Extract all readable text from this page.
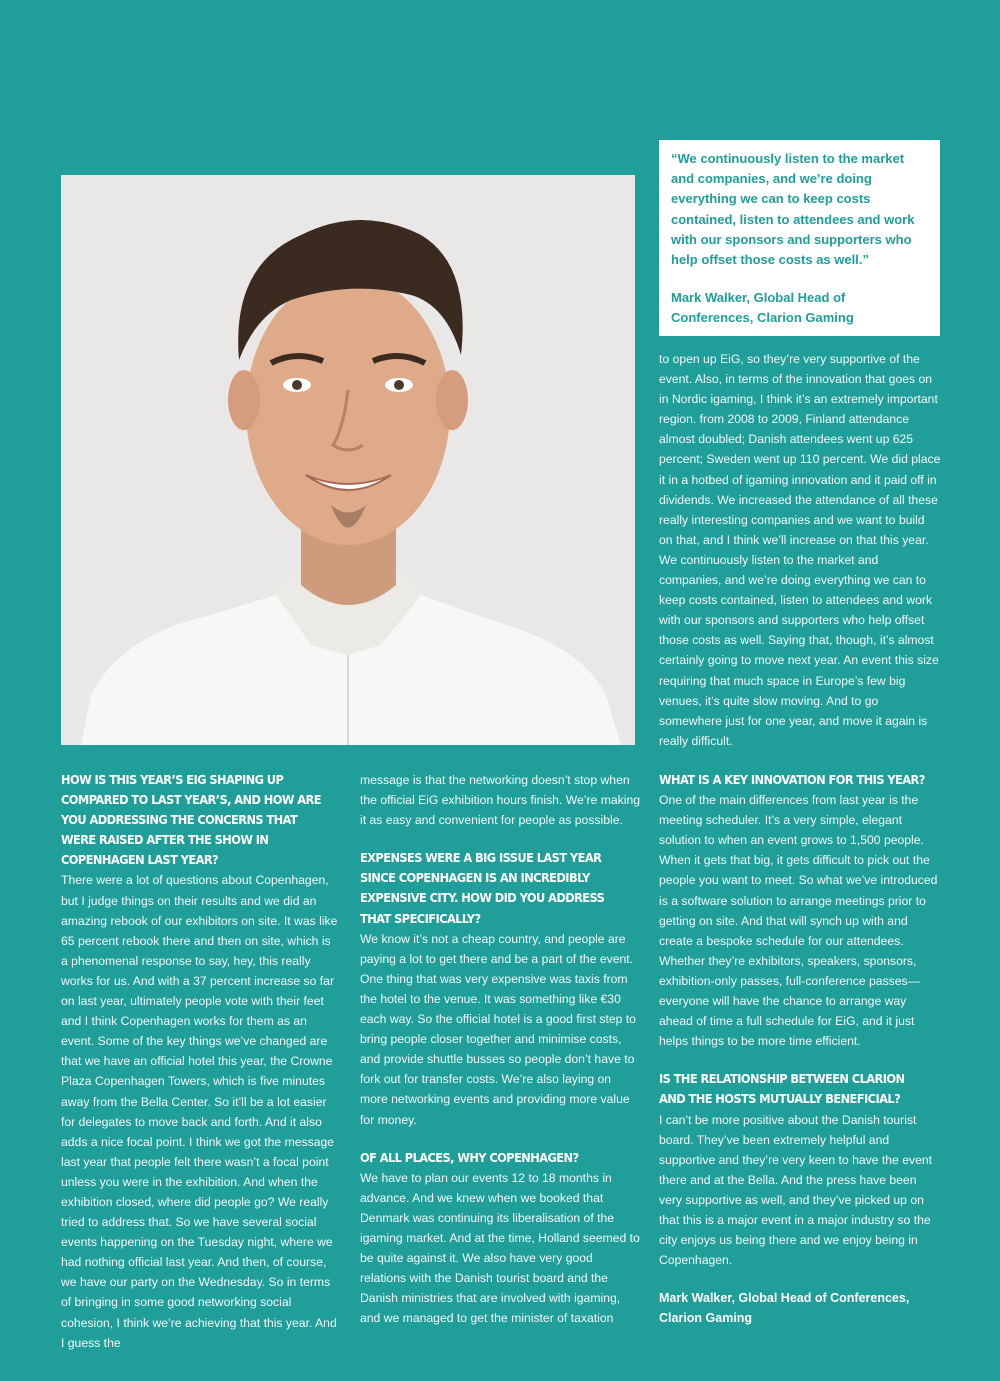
“We continuously listen to the market and companies, and we’re doing everything we can to keep costs contained, listen to attendees and work with our sponsors and supporters who help offset those costs as well.”
Mark Walker, Global Head of Conferences, Clarion Gaming

to open up EiG, so they’re very supportive of the event. Also, in terms of the innovation that goes on in Nordic igaming, I think it’s an extremely important region. from 2008 to 2009, Finland attendance almost doubled; Danish attendees went up 625 percent; Sweden went up 110 percent. We did place it in a hotbed of igaming innovation and it paid off in dividends. We increased the attendance of all these really interesting companies and we want to build on that, and I think we’ll increase on that this year. We continuously listen to the market and companies, and we’re doing everything we can to keep costs contained, listen to attendees and work with our sponsors and supporters who help offset those costs as well. Saying that, though, it’s almost certainly going to move next year. An event this size requiring that much space in Europe’s few big venues, it’s quite slow moving. And to go somewhere just for one year, and move it again is really difficult.

HOW IS THIS YEAR’S EIG SHAPING UP COMPARED TO LAST YEAR’S, AND HOW ARE YOU ADDRESSING THE CONCERNS THAT WERE RAISED AFTER THE SHOW IN COPENHAGEN LAST YEAR?

There were a lot of questions about Copenhagen, but I judge things on their results and we did an amazing rebook of our exhibitors on site. It was like 65 percent rebook there and then on site, which is a phenomenal response to say, hey, this really works for us. And with a 37 percent increase so far on last year, ultimately people vote with their feet and I think Copenhagen works for them as an event. Some of the key things we’ve changed are that we have an official hotel this year, the Crowne Plaza Copenhagen Towers, which is five minutes away from the Bella Center. So it’ll be a lot easier for delegates to move back and forth. And it also adds a nice focal point. I think we got the message last year that people felt there wasn’t a focal point unless you were in the exhibition. And when the exhibition closed, where did people go? We really tried to address that. So we have several social events happening on the Tuesday night, where we had nothing official last year. And then, of course, we have our party on the Wednesday. So in terms of bringing in some good networking social cohesion, I think we’re achieving that this year. And I guess the

message is that the networking doesn’t stop when the official EiG exhibition hours finish. We’re making it as easy and convenient for people as possible.

EXPENSES WERE A BIG ISSUE LAST YEAR SINCE COPENHAGEN IS AN INCREDIBLY EXPENSIVE CITY. HOW DID YOU ADDRESS THAT SPECIFICALLY?

We know it’s not a cheap country, and people are paying a lot to get there and be a part of the event. One thing that was very expensive was taxis from the hotel to the venue. It was something like €30 each way. So the official hotel is a good first step to bring people closer together and minimise costs, and provide shuttle busses so people don’t have to fork out for transfer costs. We’re also laying on more networking events and providing more value for money.

OF ALL PLACES, WHY COPENHAGEN?

We have to plan our events 12 to 18 months in advance. And we knew when we booked that Denmark was continuing its liberalisation of the igaming market. And at the time, Holland seemed to be quite against it. We also have very good relations with the Danish tourist board and the Danish ministries that are involved with igaming, and we managed to get the minister of taxation

WHAT IS A KEY INNOVATION FOR THIS YEAR?

One of the main differences from last year is the meeting scheduler. It’s a very simple, elegant solution to when an event grows to 1,500 people. When it gets that big, it gets difficult to pick out the people you want to meet. So what we’ve introduced is a software solution to arrange meetings prior to getting on site. And that will synch up with and create a bespoke schedule for our attendees. Whether they’re exhibitors, speakers, sponsors, exhibition-only passes, full-conference passes—everyone will have the chance to arrange way ahead of time a full schedule for EiG, and it just helps things to be more time efficient.

IS THE RELATIONSHIP BETWEEN CLARION AND THE HOSTS MUTUALLY BENEFICIAL?

I can’t be more positive about the Danish tourist board. They’ve been extremely helpful and supportive and they’re very keen to have the event there and at the Bella. And the press have been very supportive as well, and they’ve picked up on that this is a major event in a major industry so the city enjoys us being there and we enjoy being in Copenhagen.

Mark Walker, Global Head of Conferences, Clarion Gaming
